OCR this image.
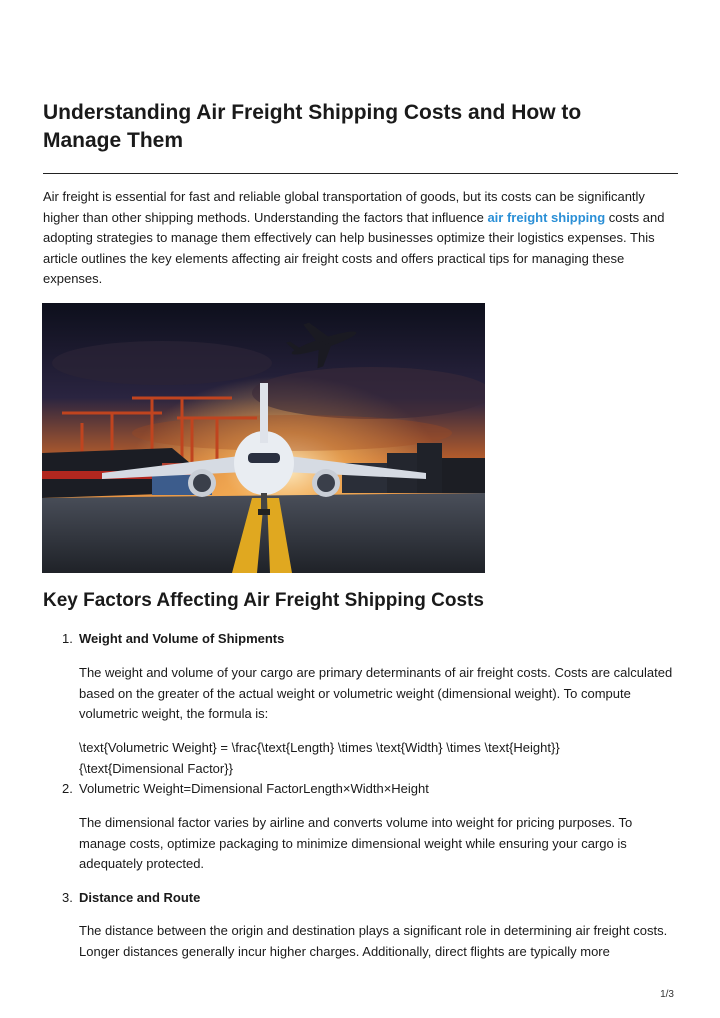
Understanding Air Freight Shipping Costs and How to Manage Them

Air freight is essential for fast and reliable global transportation of goods, but its costs can be significantly higher than other shipping methods. Understanding the factors that influence air freight shipping costs and adopting strategies to manage them effectively can help businesses optimize their logistics expenses. This article outlines the key elements affecting air freight costs and offers practical tips for managing these expenses.

Key Factors Affecting Air Freight Shipping Costs
1. Weight and Volume of Shipments

The weight and volume of your cargo are primary determinants of air freight costs. Costs are calculated based on the greater of the actual weight or volumetric weight (dimensional weight). To compute volumetric weight, the formula is:

\text{Volumetric Weight} = \frac{\text{Length} \times \text{Width} \times \text{Height}} {\text{Dimensional Factor}}

2. Volumetric Weight=Dimensional FactorLength×Width×Height

The dimensional factor varies by airline and converts volume into weight for pricing purposes. To manage costs, optimize packaging to minimize dimensional weight while ensuring your cargo is adequately protected.

3. Distance and Route

The distance between the origin and destination plays a significant role in determining air freight costs. Longer distances generally incur higher charges. Additionally, direct flights are typically more

1/3
